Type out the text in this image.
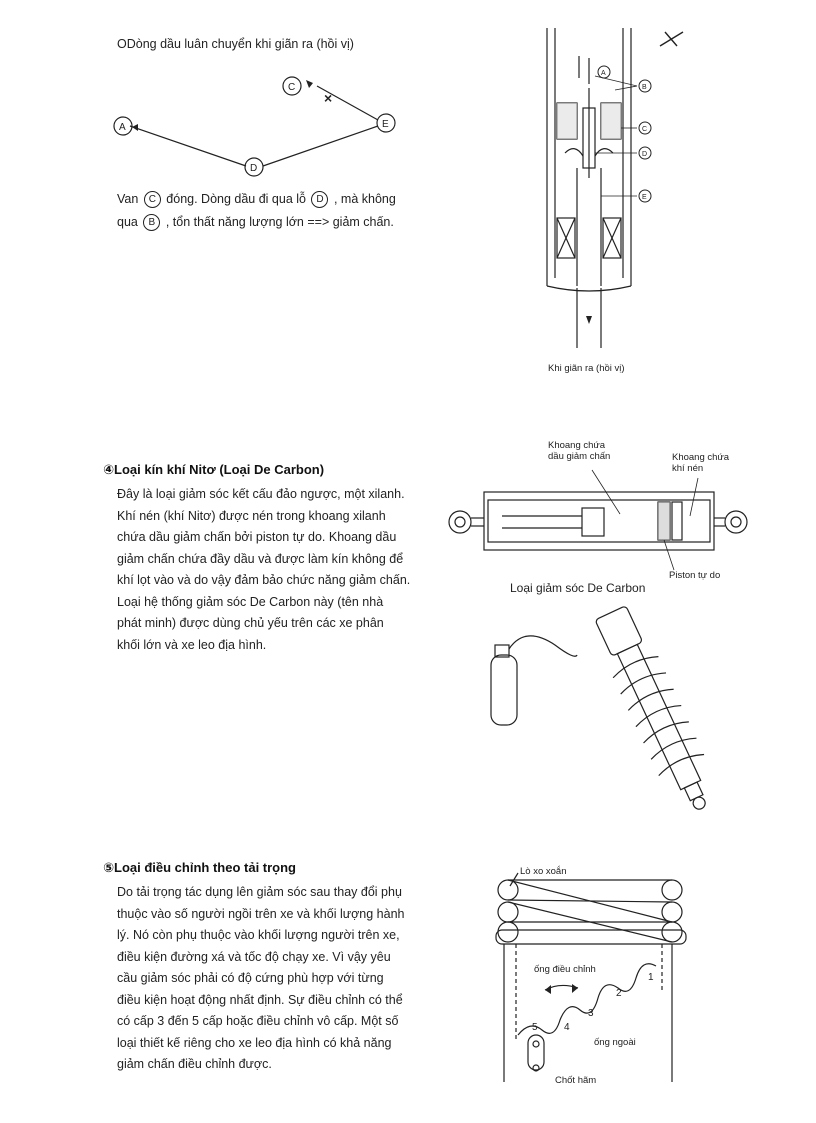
ODòng dầu luân chuyển khi giãn ra (hồi vị)
×
C
A	E
D
Van C đóng. Dòng dầu đi qua lỗ D , mà không
qua B , tổn thất năng lượng lớn ==> giảm chấn.
A
B
C
D
E
Khi giãn ra (hồi vị)
④Loại kín khí Nitơ (Loại De Carbon)
Đây là loại giảm sóc kết cấu đảo ngược, một xilanh.
Khí nén (khí Nitơ) được nén trong khoang xilanh
chứa dầu giảm chấn bởi piston tự do. Khoang dầu
giảm chấn chứa đầy dầu và được làm kín không để
khí lọt vào và do vậy đảm bảo chức năng giảm chấn.
Loại hệ thống giảm sóc De Carbon này (tên nhà
phát minh) được dùng chủ yếu trên các xe phân
khối lớn và xe leo địa hình.
Khoang chứa
dầu giảm chấn	Khoang chứa
khí nén
Piston tự do
Loại giảm sóc De Carbon
⑤Loại điều chỉnh theo tải trọng
Do tải trọng tác dụng lên giảm sóc sau thay đổi phụ
thuộc vào số người ngồi trên xe và khối lượng hành
lý. Nó còn phụ thuộc vào khối lượng người trên xe,
điều kiện đường xá và tốc độ chạy xe. Vì vậy yêu
cầu giảm sóc phải có độ cứng phù hợp với từng
điều kiện hoạt động nhất định. Sự điều chỉnh có thể
có cấp 3 đến 5 cấp hoặc điều chỉnh vô cấp. Một số
loại thiết kế riêng cho xe leo địa hình có khả năng
giảm chấn điều chỉnh được.
Lò xo xoắn
1
2
3
4
5
ống điều chỉnh
ống ngoài
Chốt hãm
